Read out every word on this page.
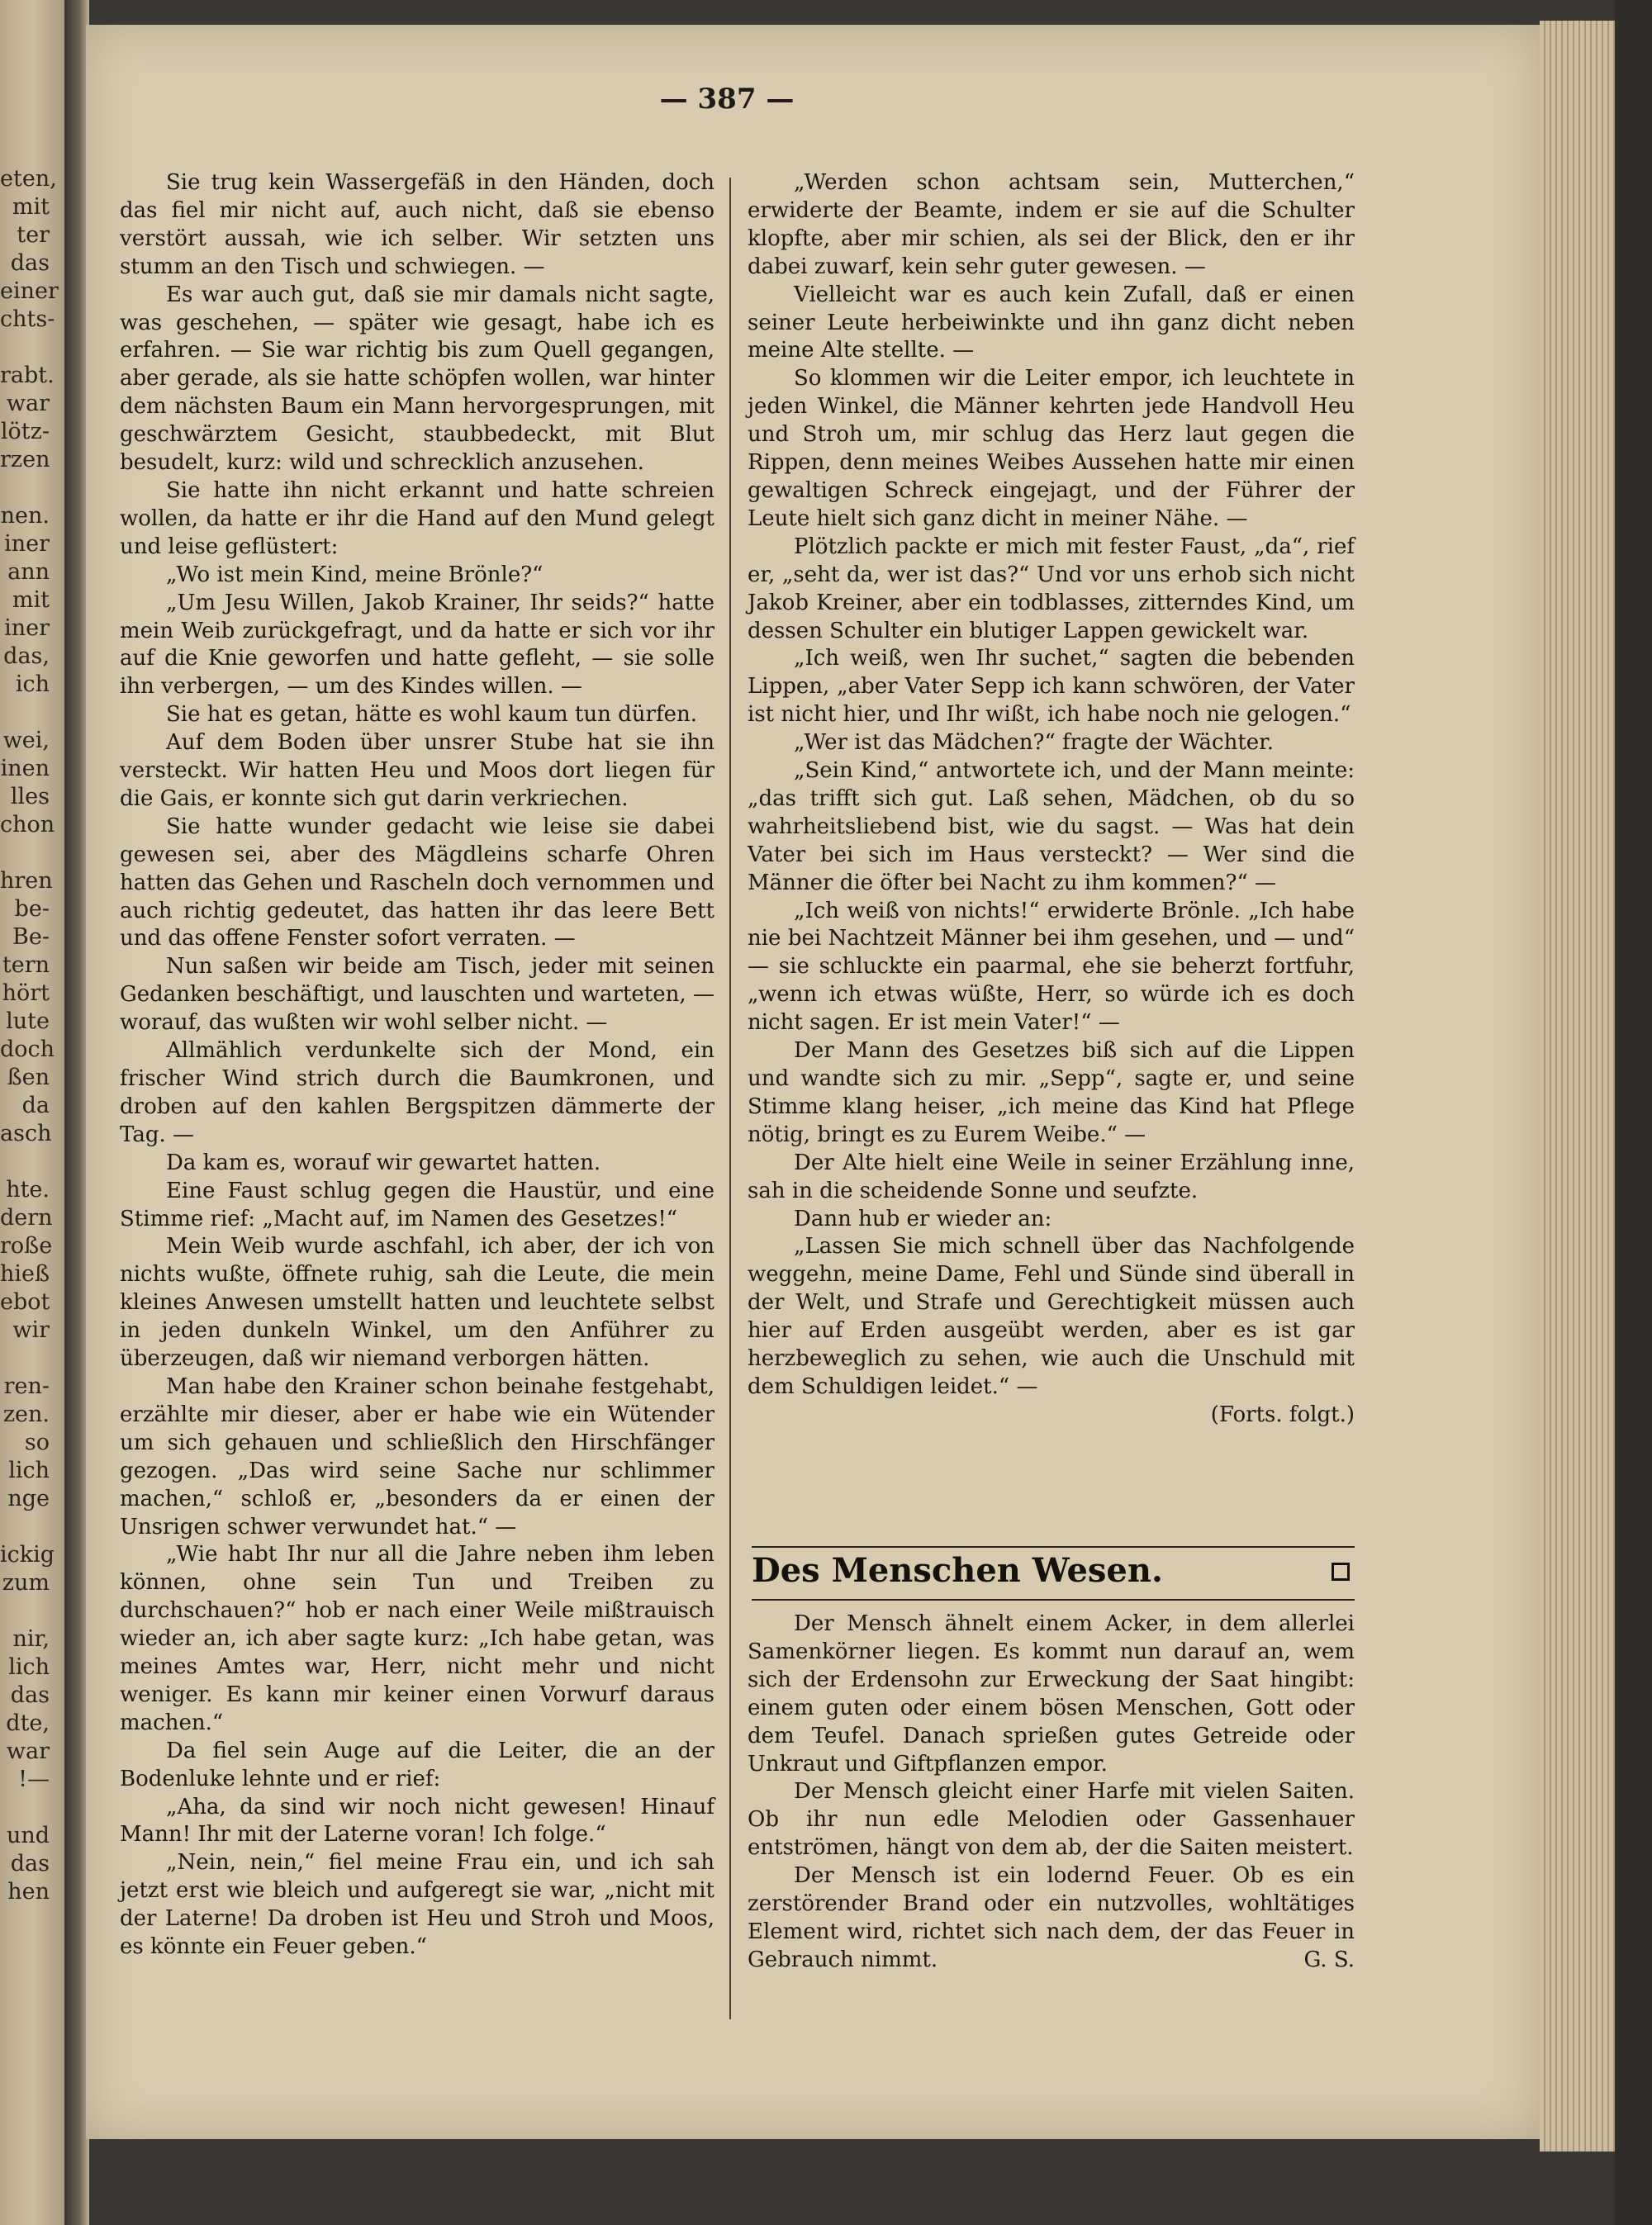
eten,
mit
ter
das
einer
chts-

rabt.
war
lötz-
rzen

nen.
iner
ann
mit
iner
das,
ich

wei,
inen
lles
chon

hren
be-
Be-
tern
hört
lute
doch
ßen
da
asch

hte.
dern
roße
hieß
ebot
wir

ren-
zen.
so
lich
nge

ickig
zum

nir,
lich
das
dte,
war
!—

und
das
hen
— 387 —

Sie trug kein Wassergefäß in den Händen, doch das fiel mir nicht auf, auch nicht, daß sie ebenso verstört aussah, wie ich selber. Wir setzten uns stumm an den Tisch und schwiegen. —

Es war auch gut, daß sie mir damals nicht sagte, was geschehen, — später wie gesagt, habe ich es erfahren. — Sie war richtig bis zum Quell gegangen, aber gerade, als sie hatte schöpfen wollen, war hinter dem nächsten Baum ein Mann hervorgesprungen, mit geschwärztem Gesicht, staubbedeckt, mit Blut besudelt, kurz: wild und schrecklich anzusehen.

Sie hatte ihn nicht erkannt und hatte schreien wollen, da hatte er ihr die Hand auf den Mund gelegt und leise geflüstert:

„Wo ist mein Kind, meine Brönle?“

„Um Jesu Willen, Jakob Krainer, Ihr seids?“ hatte mein Weib zurückgefragt, und da hatte er sich vor ihr auf die Knie geworfen und hatte gefleht, — sie solle ihn verbergen, — um des Kindes willen. —

Sie hat es getan, hätte es wohl kaum tun dürfen.

Auf dem Boden über unsrer Stube hat sie ihn versteckt. Wir hatten Heu und Moos dort liegen für die Gais, er konnte sich gut darin verkriechen.

Sie hatte wunder gedacht wie leise sie dabei gewesen sei, aber des Mägdleins scharfe Ohren hatten das Gehen und Rascheln doch vernommen und auch richtig gedeutet, das hatten ihr das leere Bett und das offene Fenster sofort verraten. —

Nun saßen wir beide am Tisch, jeder mit seinen Gedanken beschäftigt, und lauschten und warteten, — worauf, das wußten wir wohl selber nicht. —

Allmählich verdunkelte sich der Mond, ein frischer Wind strich durch die Baumkronen, und droben auf den kahlen Bergspitzen dämmerte der Tag. —

Da kam es, worauf wir gewartet hatten.

Eine Faust schlug gegen die Haustür, und eine Stimme rief: „Macht auf, im Namen des Gesetzes!“

Mein Weib wurde aschfahl, ich aber, der ich von nichts wußte, öffnete ruhig, sah die Leute, die mein kleines Anwesen umstellt hatten und leuchtete selbst in jeden dunkeln Winkel, um den Anführer zu überzeugen, daß wir niemand verborgen hätten.

Man habe den Krainer schon beinahe festgehabt, erzählte mir dieser, aber er habe wie ein Wütender um sich gehauen und schließlich den Hirschfänger gezogen. „Das wird seine Sache nur schlimmer machen,“ schloß er, „besonders da er einen der Unsrigen schwer verwundet hat.“ —

„Wie habt Ihr nur all die Jahre neben ihm leben können, ohne sein Tun und Treiben zu durchschauen?“ hob er nach einer Weile mißtrauisch wieder an, ich aber sagte kurz: „Ich habe getan, was meines Amtes war, Herr, nicht mehr und nicht weniger. Es kann mir keiner einen Vorwurf daraus machen.“

Da fiel sein Auge auf die Leiter, die an der Bodenluke lehnte und er rief:

„Aha, da sind wir noch nicht gewesen! Hinauf Mann! Ihr mit der Laterne voran! Ich folge.“

„Nein, nein,“ fiel meine Frau ein, und ich sah jetzt erst wie bleich und aufgeregt sie war, „nicht mit der Laterne! Da droben ist Heu und Stroh und Moos, es könnte ein Feuer geben.“

„Werden schon achtsam sein, Mutterchen,“ erwiderte der Beamte, indem er sie auf die Schulter klopfte, aber mir schien, als sei der Blick, den er ihr dabei zuwarf, kein sehr guter gewesen. —

Vielleicht war es auch kein Zufall, daß er einen seiner Leute herbeiwinkte und ihn ganz dicht neben meine Alte stellte. —

So klommen wir die Leiter empor, ich leuchtete in jeden Winkel, die Männer kehrten jede Handvoll Heu und Stroh um, mir schlug das Herz laut gegen die Rippen, denn meines Weibes Aussehen hatte mir einen gewaltigen Schreck eingejagt, und der Führer der Leute hielt sich ganz dicht in meiner Nähe. —

Plötzlich packte er mich mit fester Faust, „da“, rief er, „seht da, wer ist das?“ Und vor uns erhob sich nicht Jakob Kreiner, aber ein todblasses, zitterndes Kind, um dessen Schulter ein blutiger Lappen gewickelt war.

„Ich weiß, wen Ihr suchet,“ sagten die bebenden Lippen, „aber Vater Sepp ich kann schwören, der Vater ist nicht hier, und Ihr wißt, ich habe noch nie gelogen.“

„Wer ist das Mädchen?“ fragte der Wächter.

„Sein Kind,“ antwortete ich, und der Mann meinte: „das trifft sich gut. Laß sehen, Mädchen, ob du so wahrheitsliebend bist, wie du sagst. — Was hat dein Vater bei sich im Haus versteckt? — Wer sind die Männer die öfter bei Nacht zu ihm kommen?“ —

„Ich weiß von nichts!“ erwiderte Brönle. „Ich habe nie bei Nachtzeit Männer bei ihm gesehen, und — und“ — sie schluckte ein paarmal, ehe sie beherzt fortfuhr, „wenn ich etwas wüßte, Herr, so würde ich es doch nicht sagen. Er ist mein Vater!“ —

Der Mann des Gesetzes biß sich auf die Lippen und wandte sich zu mir. „Sepp“, sagte er, und seine Stimme klang heiser, „ich meine das Kind hat Pflege nötig, bringt es zu Eurem Weibe.“ —

Der Alte hielt eine Weile in seiner Erzählung inne, sah in die scheidende Sonne und seufzte.

Dann hub er wieder an:

„Lassen Sie mich schnell über das Nachfolgende weggehn, meine Dame, Fehl und Sünde sind überall in der Welt, und Strafe und Gerechtigkeit müssen auch hier auf Erden ausgeübt werden, aber es ist gar herzbeweglich zu sehen, wie auch die Unschuld mit dem Schuldigen leidet.“ —

(Forts. folgt.)
Des Menschen Wesen.

Der Mensch ähnelt einem Acker, in dem allerlei Samenkörner liegen. Es kommt nun darauf an, wem sich der Erdensohn zur Erweckung der Saat hingibt: einem guten oder einem bösen Menschen, Gott oder dem Teufel. Danach sprießen gutes Getreide oder Unkraut und Giftpflanzen empor.

Der Mensch gleicht einer Harfe mit vielen Saiten. Ob ihr nun edle Melodien oder Gassenhauer entströmen, hängt von dem ab, der die Saiten meistert.

Der Mensch ist ein lodernd Feuer. Ob es ein zerstörender Brand oder ein nutzvolles, wohltätiges Element wird, richtet sich nach dem, der das Feuer in Gebrauch nimmt.	G. S.
